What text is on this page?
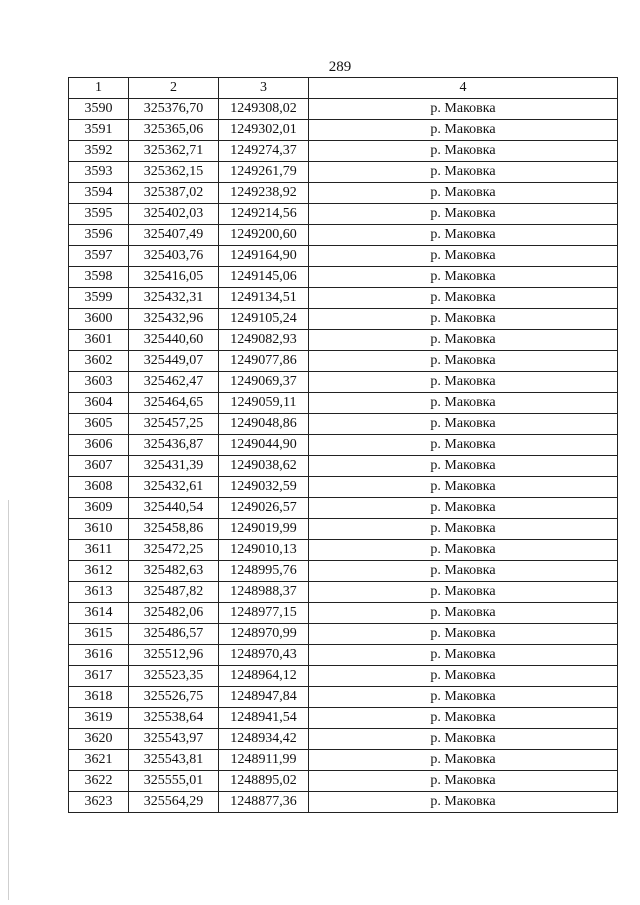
289
1	2	3	4
3590	325376,70	1249308,02	р. Маковка
3591	325365,06	1249302,01	р. Маковка
3592	325362,71	1249274,37	р. Маковка
3593	325362,15	1249261,79	р. Маковка
3594	325387,02	1249238,92	р. Маковка
3595	325402,03	1249214,56	р. Маковка
3596	325407,49	1249200,60	р. Маковка
3597	325403,76	1249164,90	р. Маковка
3598	325416,05	1249145,06	р. Маковка
3599	325432,31	1249134,51	р. Маковка
3600	325432,96	1249105,24	р. Маковка
3601	325440,60	1249082,93	р. Маковка
3602	325449,07	1249077,86	р. Маковка
3603	325462,47	1249069,37	р. Маковка
3604	325464,65	1249059,11	р. Маковка
3605	325457,25	1249048,86	р. Маковка
3606	325436,87	1249044,90	р. Маковка
3607	325431,39	1249038,62	р. Маковка
3608	325432,61	1249032,59	р. Маковка
3609	325440,54	1249026,57	р. Маковка
3610	325458,86	1249019,99	р. Маковка
3611	325472,25	1249010,13	р. Маковка
3612	325482,63	1248995,76	р. Маковка
3613	325487,82	1248988,37	р. Маковка
3614	325482,06	1248977,15	р. Маковка
3615	325486,57	1248970,99	р. Маковка
3616	325512,96	1248970,43	р. Маковка
3617	325523,35	1248964,12	р. Маковка
3618	325526,75	1248947,84	р. Маковка
3619	325538,64	1248941,54	р. Маковка
3620	325543,97	1248934,42	р. Маковка
3621	325543,81	1248911,99	р. Маковка
3622	325555,01	1248895,02	р. Маковка
3623	325564,29	1248877,36	р. Маковка
